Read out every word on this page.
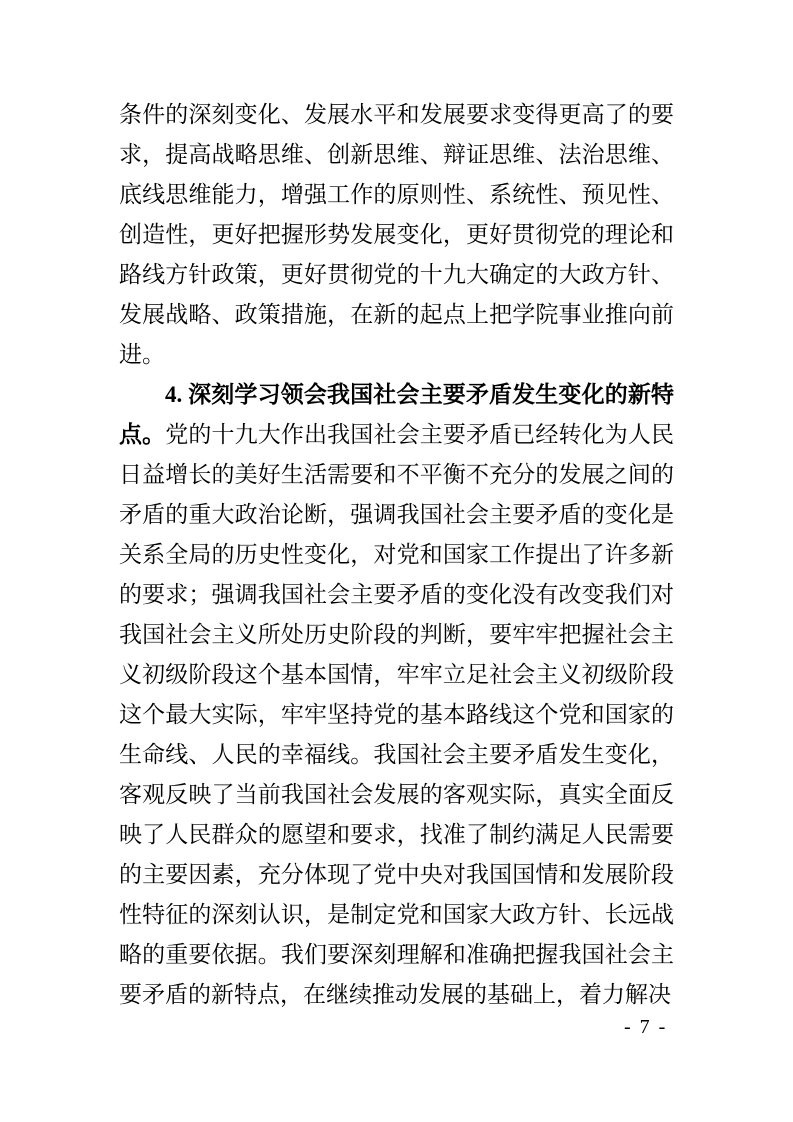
条件的深刻变化、发展水平和发展要求变得更高了的要求，提高战略思维、创新思维、辩证思维、法治思维、底线思维能力，增强工作的原则性、系统性、预见性、创造性，更好把握形势发展变化，更好贯彻党的理论和路线方针政策，更好贯彻党的十九大确定的大政方针、发展战略、政策措施，在新的起点上把学院事业推向前进。

4. 深刻学习领会我国社会主要矛盾发生变化的新特点。党的十九大作出我国社会主要矛盾已经转化为人民日益增长的美好生活需要和不平衡不充分的发展之间的矛盾的重大政治论断，强调我国社会主要矛盾的变化是关系全局的历史性变化，对党和国家工作提出了许多新的要求；强调我国社会主要矛盾的变化没有改变我们对我国社会主义所处历史阶段的判断，要牢牢把握社会主义初级阶段这个基本国情，牢牢立足社会主义初级阶段这个最大实际，牢牢坚持党的基本路线这个党和国家的生命线、人民的幸福线。我国社会主要矛盾发生变化，客观反映了当前我国社会发展的客观实际，真实全面反映了人民群众的愿望和要求，找准了制约满足人民需要的主要因素，充分体现了党中央对我国国情和发展阶段性特征的深刻认识，是制定党和国家大政方针、长远战略的重要依据。我们要深刻理解和准确把握我国社会主要矛盾的新特点，在继续推动发展的基础上，着力解决

- 7 -
